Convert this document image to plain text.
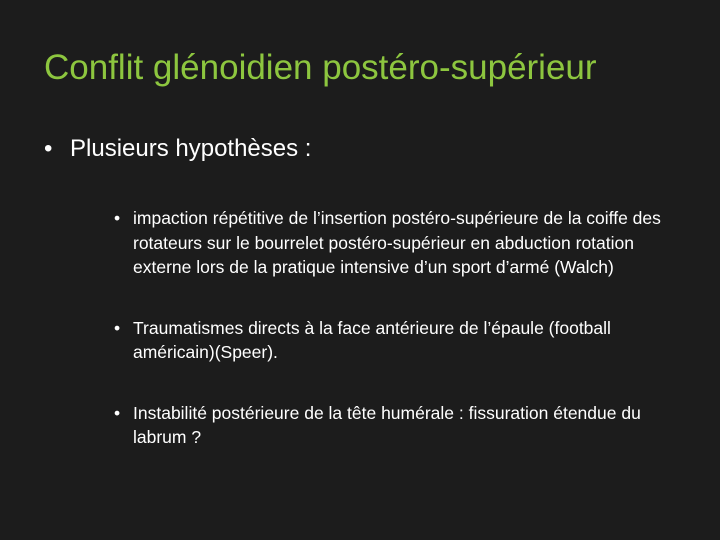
Conflit glénoidien postéro-supérieur
• Plusieurs hypothèses :
• impaction répétitive de l’insertion postéro-supérieure de la coiffe des rotateurs sur le bourrelet postéro-supérieur en abduction rotation externe lors de la pratique intensive d’un sport d’armé (Walch)
• Traumatismes directs à la face antérieure de l’épaule (football américain)(Speer).
• Instabilité postérieure de la tête humérale : fissuration étendue du labrum ?
